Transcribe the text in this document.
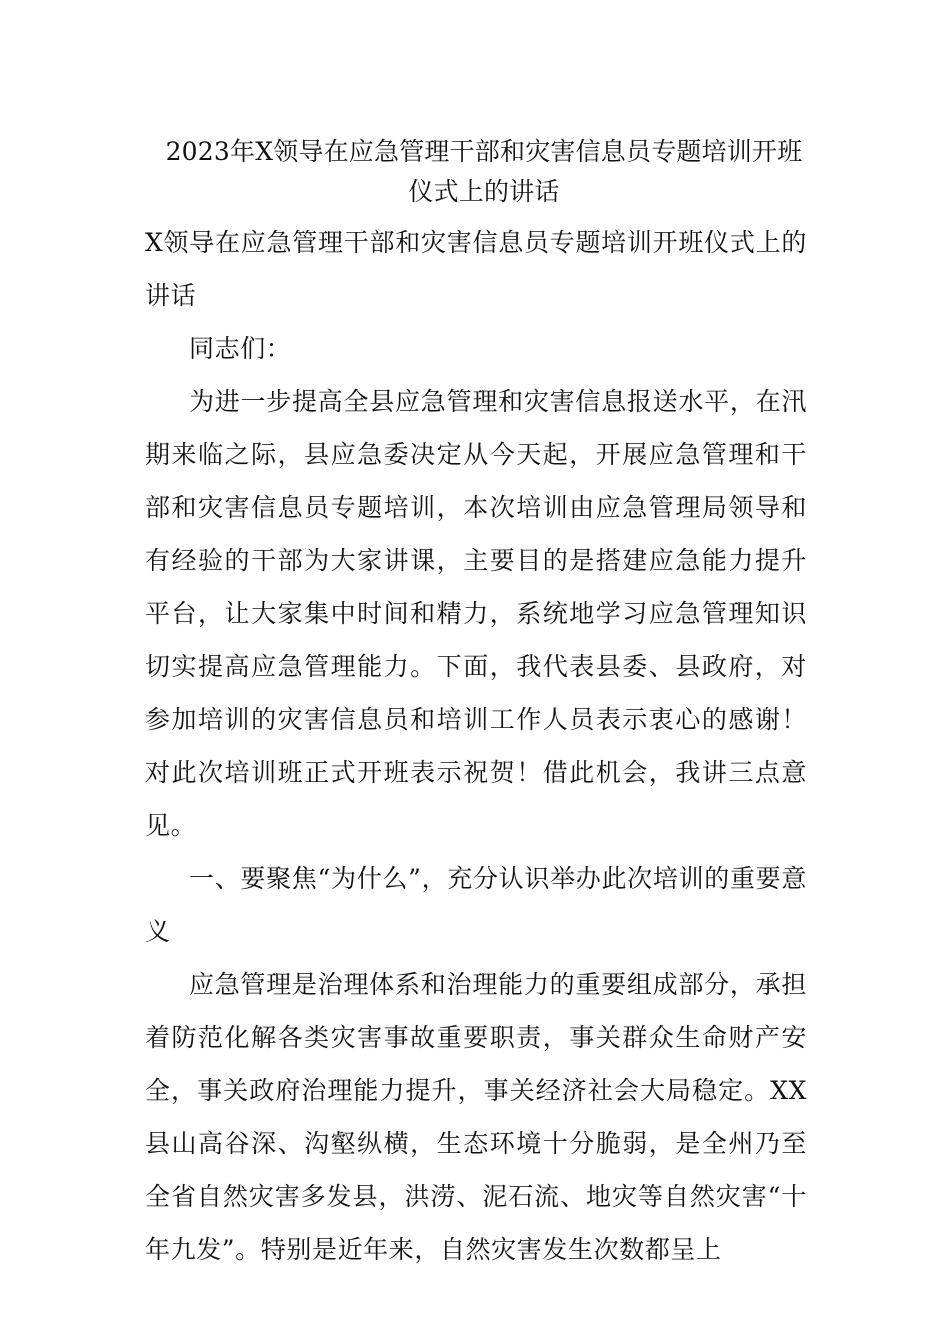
2023年X领导在应急管理干部和灾害信息员专题培训开班仪式上的讲话

X领导在应急管理干部和灾害信息员专题培训开班仪式上的讲话

同志们：

为进一步提高全县应急管理和灾害信息报送水平，在汛期来临之际，县应急委决定从今天起，开展应急管理和干部和灾害信息员专题培训，本次培训由应急管理局领导和有经验的干部为大家讲课，主要目的是搭建应急能力提升平台，让大家集中时间和精力，系统地学习应急管理知识切实提高应急管理能力。下面，我代表县委、县政府，对参加培训的灾害信息员和培训工作人员表示衷心的感谢！对此次培训班正式开班表示祝贺！借此机会，我讲三点意见。

一、要聚焦“为什么”，充分认识举办此次培训的重要意义

应急管理是治理体系和治理能力的重要组成部分，承担着防范化解各类灾害事故重要职责，事关群众生命财产安全，事关政府治理能力提升，事关经济社会大局稳定。XX县山高谷深、沟壑纵横，生态环境十分脆弱，是全州乃至全省自然灾害多发县，洪涝、泥石流、地灾等自然灾害“十年九发”。特别是近年来，自然灾害发生次数都呈上
